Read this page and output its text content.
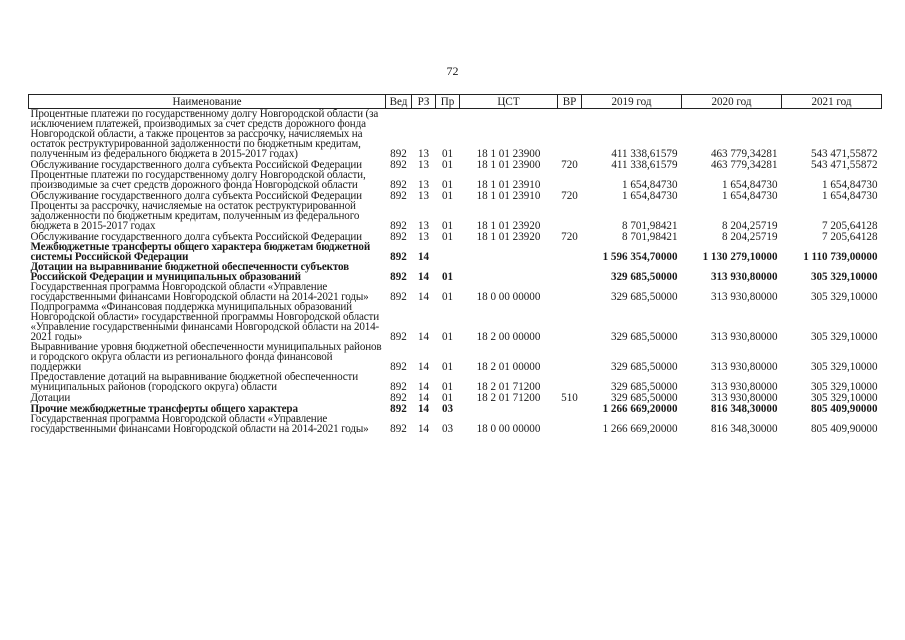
72
Наименование	Вед	РЗ	Пр	ЦСТ	ВР	2019 год	2020 год	2021 год
Процентные платежи по государственному долгу Новгородской области (за исключением платежей, производимых за счет средств дорожного фонда Новгородской области, а также процентов за рассрочку, начисляемых на остаток реструктурированной задолженности по бюджетным кредитам, полученным из федерального бюджета в 2015-2017 годах)	892	13	01	18 1 01 23900		411 338,61579	463 779,34281	543 471,55872
Обслуживание государственного долга субъекта Российской Федерации	892	13	01	18 1 01 23900	720	411 338,61579	463 779,34281	543 471,55872
Процентные платежи по государственному долгу Новгородской области, производимые за счет средств дорожного фонда Новгородской области	892	13	01	18 1 01 23910		1 654,84730	1 654,84730	1 654,84730
Обслуживание государственного долга субъекта Российской Федерации	892	13	01	18 1 01 23910	720	1 654,84730	1 654,84730	1 654,84730
Проценты за рассрочку, начисляемые на остаток реструктурированной задолженности по бюджетным кредитам, полученным из федерального бюджета в 2015-2017 годах	892	13	01	18 1 01 23920		8 701,98421	8 204,25719	7 205,64128
Обслуживание государственного долга субъекта Российской Федерации	892	13	01	18 1 01 23920	720	8 701,98421	8 204,25719	7 205,64128
Межбюджетные трансферты общего характера бюджетам бюджетной системы Российской Федерации	892	14				1 596 354,70000	1 130 279,10000	1 110 739,00000
Дотации на выравнивание бюджетной обеспеченности субъектов Российской Федерации и муниципальных образований	892	14	01			329 685,50000	313 930,80000	305 329,10000
Государственная программа Новгородской области «Управление государственными финансами Новгородской области на 2014-2021 годы»	892	14	01	18 0 00 00000		329 685,50000	313 930,80000	305 329,10000
Подпрограмма «Финансовая поддержка муниципальных образований Новгородской области» государственной программы Новгородской области «Управление государственными финансами Новгородской области на 2014-2021 годы»	892	14	01	18 2 00 00000		329 685,50000	313 930,80000	305 329,10000
Выравнивание уровня бюджетной обеспеченности муниципальных районов и городского округа области из регионального фонда финансовой поддержки	892	14	01	18 2 01 00000		329 685,50000	313 930,80000	305 329,10000
Предоставление дотаций на выравнивание бюджетной обеспеченности муниципальных районов (городского округа) области	892	14	01	18 2 01 71200		329 685,50000	313 930,80000	305 329,10000
Дотации	892	14	01	18 2 01 71200	510	329 685,50000	313 930,80000	305 329,10000
Прочие межбюджетные трансферты общего характера	892	14	03			1 266 669,20000	816 348,30000	805 409,90000
Государственная программа Новгородской области «Управление государственными финансами Новгородской области на 2014-2021 годы»	892	14	03	18 0 00 00000		1 266 669,20000	816 348,30000	805 409,90000
